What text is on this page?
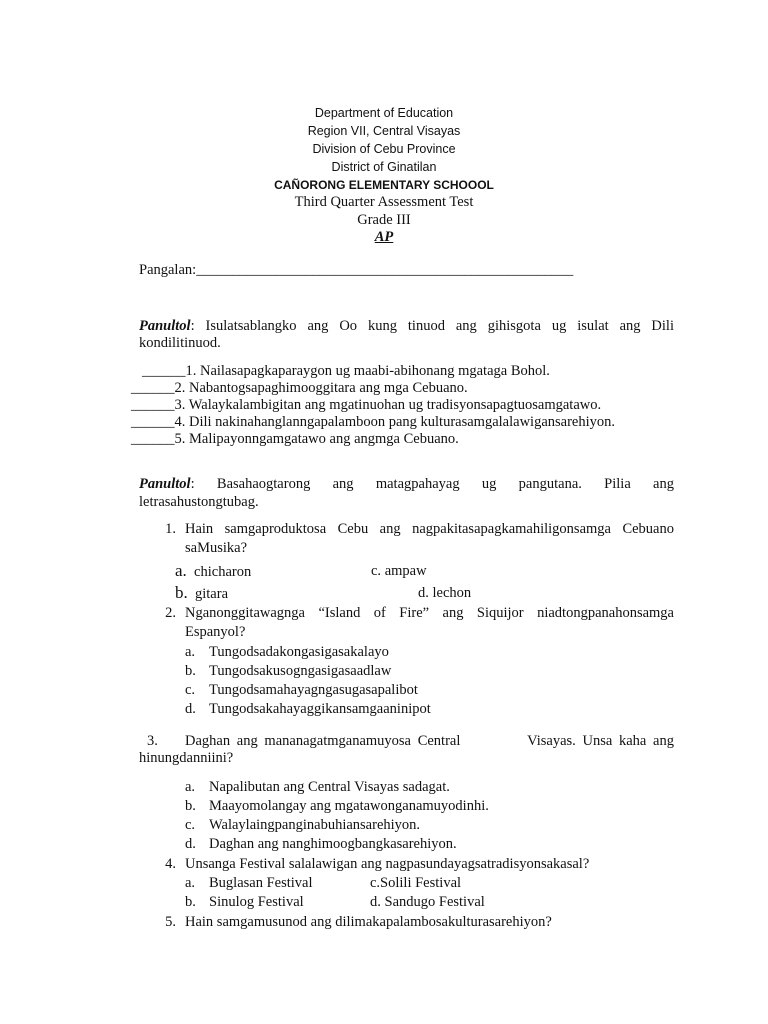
Department of Education
Region VII, Central Visayas
Division of Cebu Province
District of Ginatilan
CAÑORONG ELEMENTARY SCHOOOL
Third Quarter Assessment Test
Grade III
AP
Pangalan:____________________________________________________
Panultol: Isulatsablangko ang Oo kung tinuod ang gihisgota ug isulat ang Dili
kondilitinuod.
______1. Nailasapagkaparaygon ug maabi-abihonang mgataga Bohol.
______2. Nabantogsapaghimooggitara ang mga Cebuano.
______3. Walaykalambigitan ang mgatinuohan ug tradisyonsapagtuosamgatawo.
______4. Dili nakinahanglanngapalamboon pang kulturasamgalalawigansarehiyon.
______5. Malipayonngamgatawo ang angmga Cebuano.
Panultol: Basahaogtarong ang matagpahayag ug pangutana. Pilia ang
letrasahustongtubag.
1. Hain samgaproduktosa Cebu ang nagpakitasapagkamahiligonsamga Cebuano
saMusika?
a. chicharon	c. ampaw
b. gitara	d. lechon
2. Nganonggitawagnga “Island of Fire” ang Siquijor niadtongpanahonsamga
Espanyol?
a. Tungodsadakongasigasakalayo
b. Tungodsakusogngasigasaadlaw
c. Tungodsamahayagngasugasapalibot
d. Tungodsakahayaggikansamgaaninipot
3. Daghan ang mananagatmganamuyosa Central          Visayas. Unsa kaha ang
hinungdanniini?
a. Napalibutan ang Central Visayas sadagat.
b. Maayomolangay ang mgatawonganamuyodinhi.
c. Walaylaingpanginabuhiansarehiyon.
d. Daghan ang nanghimoogbangkasarehiyon.
4. Unsanga Festival salalawigan ang nagpasundayagsatradisyonsakasal?
a. Buglasan Festival	c.Solili Festival
b. Sinulog Festival	d. Sandugo Festival
5. Hain samgamusunod ang dilimakapalambosakulturasarehiyon?
